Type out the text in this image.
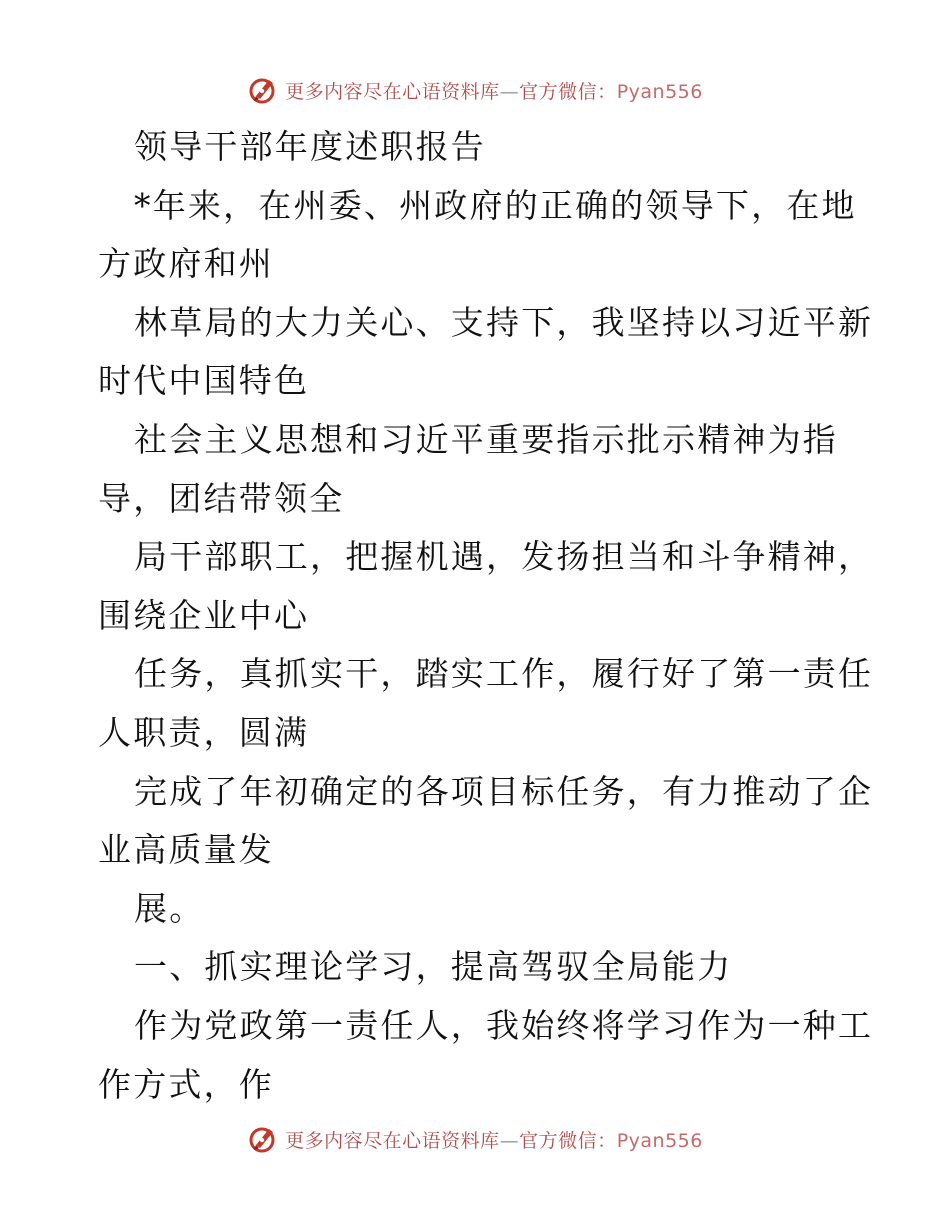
更多内容尽在心语资料库—官方微信：Pyan556
领导干部年度述职报告
*年来，在州委、州政府的正确的领导下，在地
方政府和州
林草局的大力关心、支持下，我坚持以习近平新
时代中国特色
社会主义思想和习近平重要指示批示精神为指
导，团结带领全
局干部职工，把握机遇，发扬担当和斗争精神，
围绕企业中心
任务，真抓实干，踏实工作，履行好了第一责任
人职责，圆满
完成了年初确定的各项目标任务，有力推动了企
业高质量发
展。
一、抓实理论学习，提高驾驭全局能力
作为党政第一责任人，我始终将学习作为一种工
作方式，作
更多内容尽在心语资料库—官方微信：Pyan556
